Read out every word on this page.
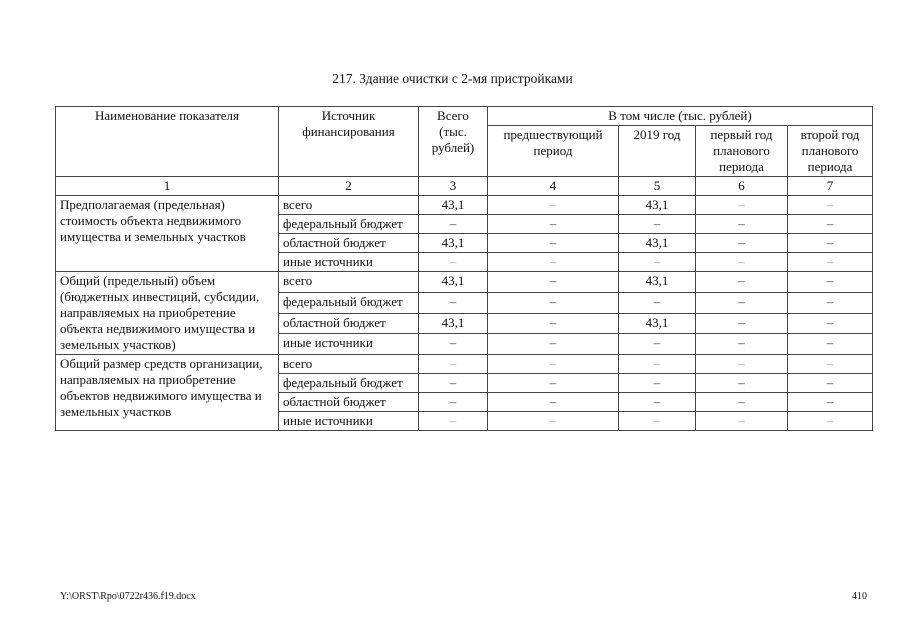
217. Здание очистки с 2-мя пристройками
Наименование показателя	Источник финансирования	Всего (тыс. рублей)	В том числе (тыс. рублей)			
			предшествующий период	2019 год	первый год планового периода	второй год планового периода
1	2	3	4	5	6	7
Предполагаемая (предельная) стоимость объекта недвижимого имущества и земельных участков	всего	43,1	–	43,1	–	–
	федеральный бюджет	–	–	–	–	–
	областной бюджет	43,1	–	43,1	–	–
	иные источники	–	–	–	–	–
Общий (предельный) объем (бюджетных инвестиций, субсидии, направляемых на приобретение объекта недвижимого имущества и земельных участков)	всего	43,1	–	43,1	–	–
	федеральный бюджет	–	–	–	–	–
	областной бюджет	43,1	–	43,1	–	–
	иные источники	–	–	–	–	–
Общий размер средств организации, направляемых на приобретение объектов недвижимого имущества и земельных участков	всего	–	–	–	–	–
	федеральный бюджет	–	–	–	–	–
	областной бюджет	–	–	–	–	–
	иные источники	–	–	–	–	–
Y:\ORST\Rpo\0722r436.f19.docx	410
